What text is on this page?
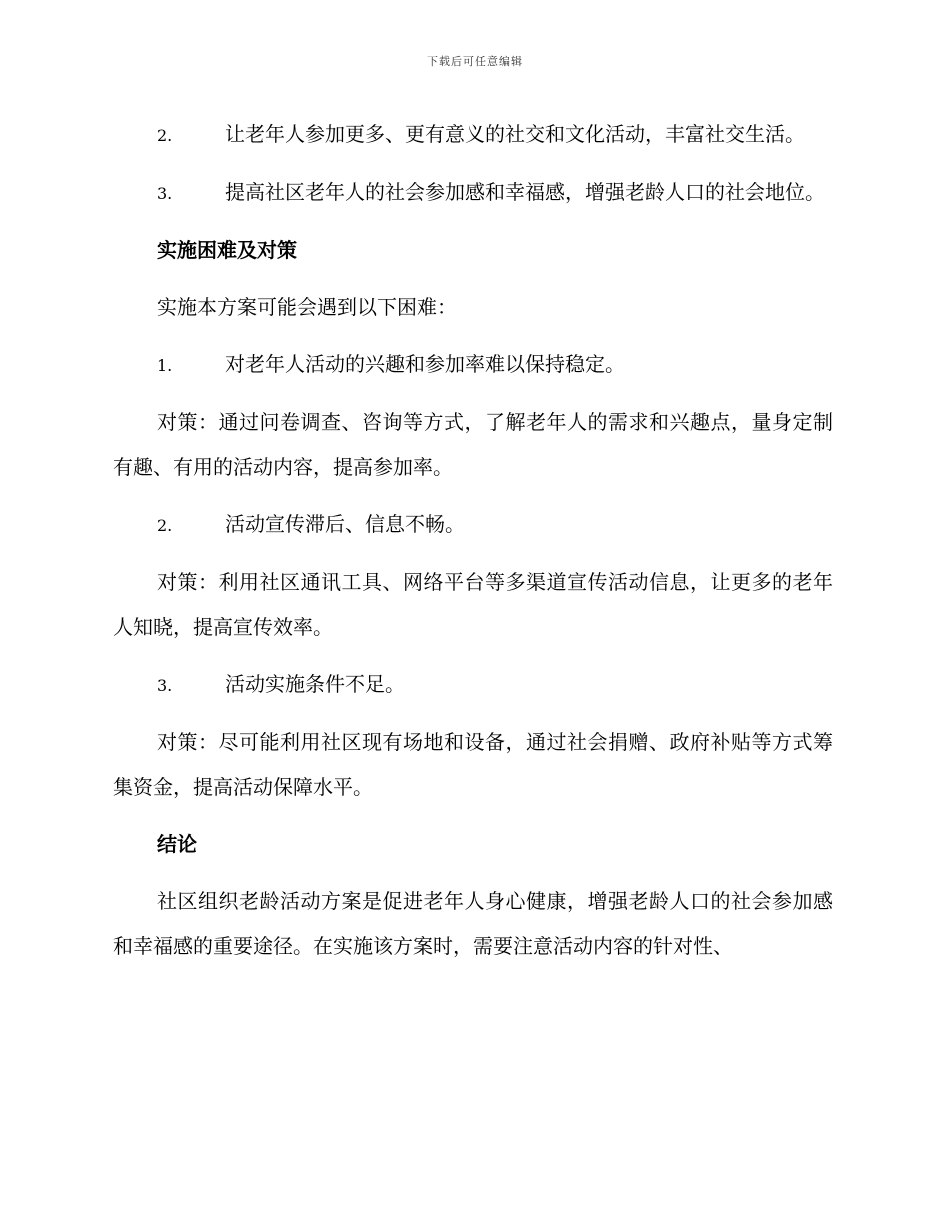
下载后可任意编辑
2.	让老年人参加更多、更有意义的社交和文化活动，丰富社交生活。
3.	提高社区老年人的社会参加感和幸福感，增强老龄人口的社会地位。
实施困难及对策
实施本方案可能会遇到以下困难：
1.	对老年人活动的兴趣和参加率难以保持稳定。
对策：通过问卷调查、咨询等方式，了解老年人的需求和兴趣点，量身定制有趣、有用的活动内容，提高参加率。
2.	活动宣传滞后、信息不畅。
对策：利用社区通讯工具、网络平台等多渠道宣传活动信息，让更多的老年人知晓，提高宣传效率。
3.	活动实施条件不足。
对策：尽可能利用社区现有场地和设备，通过社会捐赠、政府补贴等方式筹集资金，提高活动保障水平。
结论
社区组织老龄活动方案是促进老年人身心健康，增强老龄人口的社会参加感和幸福感的重要途径。在实施该方案时，需要注意活动内容的针对性、
